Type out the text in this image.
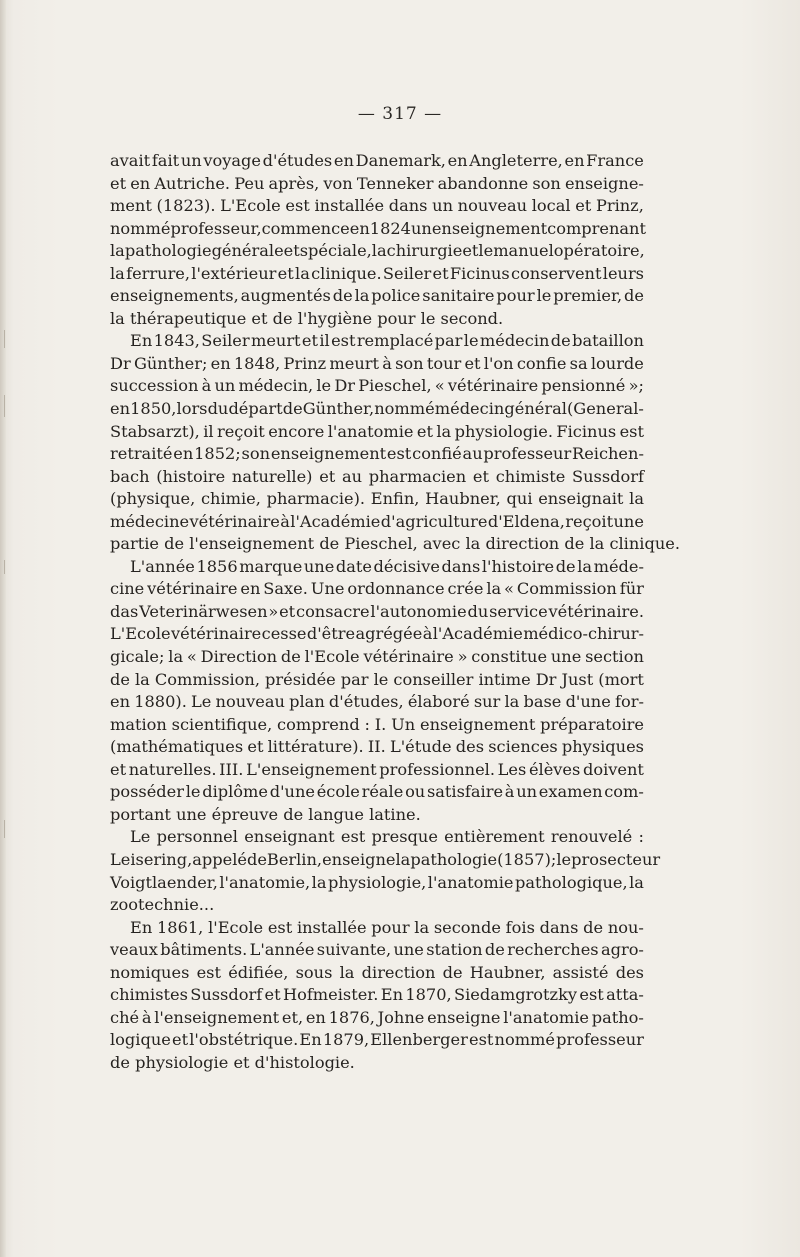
— 317 —
avait fait un voyage d'études en Danemark, en Angleterre, en France
et en Autriche. Peu après, von Tenneker abandonne son enseigne-
ment (1823). L'Ecole est installée dans un nouveau local et Prinz,
nommé professeur, commence en 1824 un enseignement comprenant
la pathologie générale et spéciale, la chirurgie et le manuel opératoire,
la ferrure, l'extérieur et la clinique. Seiler et Ficinus conservent leurs
enseignements, augmentés de la police sanitaire pour le premier, de
la thérapeutique et de l'hygiène pour le second.
En 1843, Seiler meurt et il est remplacé par le médecin de bataillon
Dr Günther; en 1848, Prinz meurt à son tour et l'on confie sa lourde
succession à un médecin, le Dr Pieschel, « vétérinaire pensionné »;
en 1850, lors du départ de Günther, nommé médecin général (General-
Stabsarzt), il reçoit encore l'anatomie et la physiologie. Ficinus est
retraité en 1852; son enseignement est confié au professeur Reichen-
bach (histoire naturelle) et au pharmacien et chimiste Sussdorf
(physique, chimie, pharmacie). Enfin, Haubner, qui enseignait la
médecine vétérinaire à l'Académie d'agriculture d'Eldena, reçoit une
partie de l'enseignement de Pieschel, avec la direction de la clinique.
L'année 1856 marque une date décisive dans l'histoire de la méde-
cine vétérinaire en Saxe. Une ordonnance crée la « Commission für
das Veterinärwesen » et consacre l'autonomie du service vétérinaire.
L'Ecole vétérinaire cesse d'être agrégée à l'Académie médico-chirur-
gicale; la « Direction de l'Ecole vétérinaire » constitue une section
de la Commission, présidée par le conseiller intime Dr Just (mort
en 1880). Le nouveau plan d'études, élaboré sur la base d'une for-
mation scientifique, comprend : I. Un enseignement préparatoire
(mathématiques et littérature). II. L'étude des sciences physiques
et naturelles. III. L'enseignement professionnel. Les élèves doivent
posséder le diplôme d'une école réale ou satisfaire à un examen com-
portant une épreuve de langue latine.
Le personnel enseignant est presque entièrement renouvelé :
Leisering, appelé de Berlin, enseigne la pathologie (1857); le prosecteur
Voigtlaender, l'anatomie, la physiologie, l'anatomie pathologique, la
zootechnie...
En 1861, l'Ecole est installée pour la seconde fois dans de nou-
veaux bâtiments. L'année suivante, une station de recherches agro-
nomiques est édifiée, sous la direction de Haubner, assisté des
chimistes Sussdorf et Hofmeister. En 1870, Siedamgrotzky est atta-
ché à l'enseignement et, en 1876, Johne enseigne l'anatomie patho-
logique et l'obstétrique. En 1879, Ellenberger est nommé professeur
de physiologie et d'histologie.
